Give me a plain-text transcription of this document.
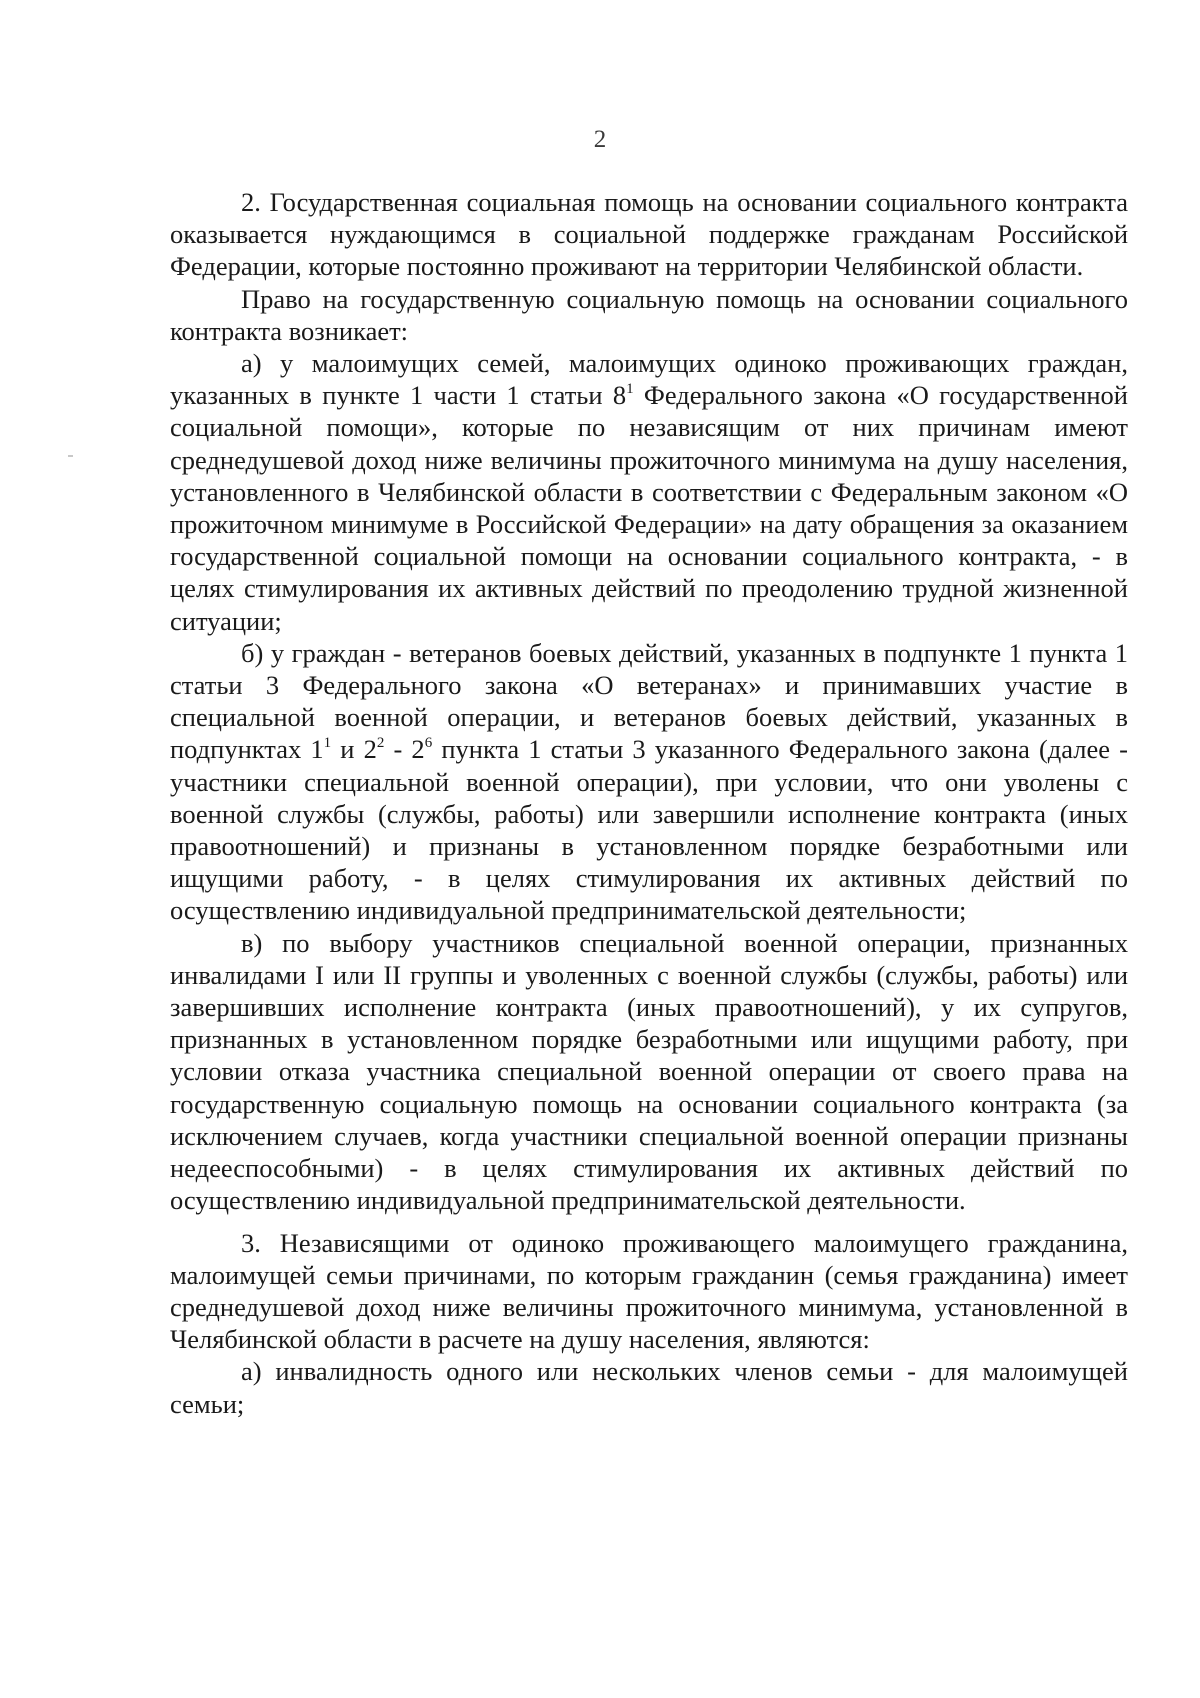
2

2. Государственная социальная помощь на основании социального контракта оказывается нуждающимся в социальной поддержке гражданам Российской Федерации, которые постоянно проживают на территории Челябинской области.

Право на государственную социальную помощь на основании социального контракта возникает:

а) у малоимущих семей, малоимущих одиноко проживающих граждан, указанных в пункте 1 части 1 статьи $8^1$ Федерального закона «О государственной социальной помощи», которые по независящим от них причинам имеют среднедушевой доход ниже величины прожиточного минимума на душу населения, установленного в Челябинской области в соответствии с Федеральным законом «О прожиточном минимуме в Российской Федерации» на дату обращения за оказанием государственной социальной помощи на основании социального контракта, - в целях стимулирования их активных действий по преодолению трудной жизненной ситуации;

б) у граждан - ветеранов боевых действий, указанных в подпункте 1 пункта 1 статьи 3 Федерального закона «О ветеранах» и принимавших участие в специальной военной операции, и ветеранов боевых действий, указанных в подпунктах $1^1$ и $2^2 - 2^6$ пункта 1 статьи 3 указанного Федерального закона (далее - участники специальной военной операции), при условии, что они уволены с военной службы (службы, работы) или завершили исполнение контракта (иных правоотношений) и признаны в установленном порядке безработными или ищущими работу, - в целях стимулирования их активных действий по осуществлению индивидуальной предпринимательской деятельности;

в) по выбору участников специальной военной операции, признанных инвалидами I или II группы и уволенных с военной службы (службы, работы) или завершивших исполнение контракта (иных правоотношений), у их супругов, признанных в установленном порядке безработными или ищущими работу, при условии отказа участника специальной военной операции от своего права на государственную социальную помощь на основании социального контракта (за исключением случаев, когда участники специальной военной операции признаны недееспособными) - в целях стимулирования их активных действий по осуществлению индивидуальной предпринимательской деятельности.

3. Независящими от одиноко проживающего малоимущего гражданина, малоимущей семьи причинами, по которым гражданин (семья гражданина) имеет среднедушевой доход ниже величины прожиточного минимума, установленной в Челябинской области в расчете на душу населения, являются:

а) инвалидность одного или нескольких членов семьи - для малоимущей семьи;
